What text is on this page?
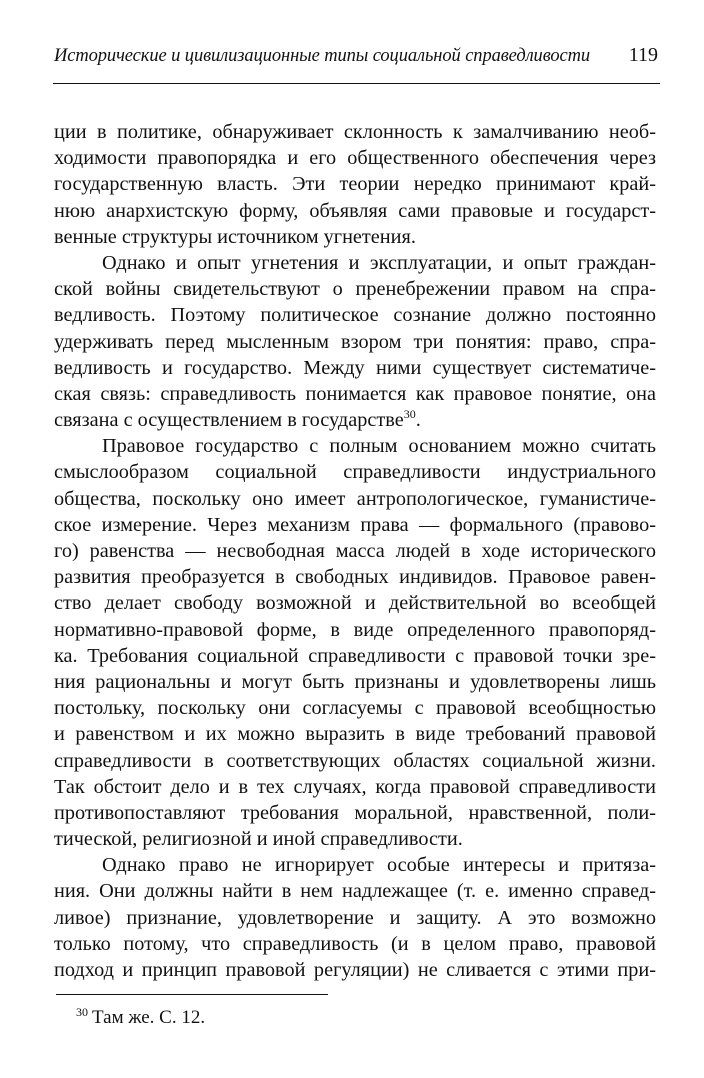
Исторические и цивилизационные типы социальной справедливости 119

ции в политике, обнаруживает склонность к замалчиванию необ-
ходимости правопорядка и его общественного обеспечения через
государственную власть. Эти теории нередко принимают край-
нюю анархистскую форму, объявляя сами правовые и государст-
венные структуры источником угнетения.

Однако и опыт угнетения и эксплуатации, и опыт граждан-
ской войны свидетельствуют о пренебрежении правом на спра-
ведливость. Поэтому политическое сознание должно постоянно
удерживать перед мысленным взором три понятия: право, спра-
ведливость и государство. Между ними существует систематиче-
ская связь: справедливость понимается как правовое понятие, она
связана с осуществлением в государстве$^{30}$.

Правовое государство с полным основанием можно считать
смыслообразом социальной справедливости индустриального
общества, поскольку оно имеет антропологическое, гуманистиче-
ское измерение. Через механизм права — формального (правово-
го) равенства — несвободная масса людей в ходе исторического
развития преобразуется в свободных индивидов. Правовое равен-
ство делает свободу возможной и действительной во всеобщей
нормативно-правовой форме, в виде определенного правопоряд-
ка. Требования социальной справедливости с правовой точки зре-
ния рациональны и могут быть признаны и удовлетворены лишь
постольку, поскольку они согласуемы с правовой всеобщностью
и равенством и их можно выразить в виде требований правовой
справедливости в соответствующих областях социальной жизни.
Так обстоит дело и в тех случаях, когда правовой справедливости
противопоставляют требования моральной, нравственной, поли-
тической, религиозной и иной справедливости.

Однако право не игнорирует особые интересы и притяза-
ния. Они должны найти в нем надлежащее (т. е. именно справед-
ливое) признание, удовлетворение и защиту. А это возможно
только потому, что справедливость (и в целом право, правовой
подход и принцип правовой регуляции) не сливается с этими при-

$^{30}$ Там же. С. 12.
